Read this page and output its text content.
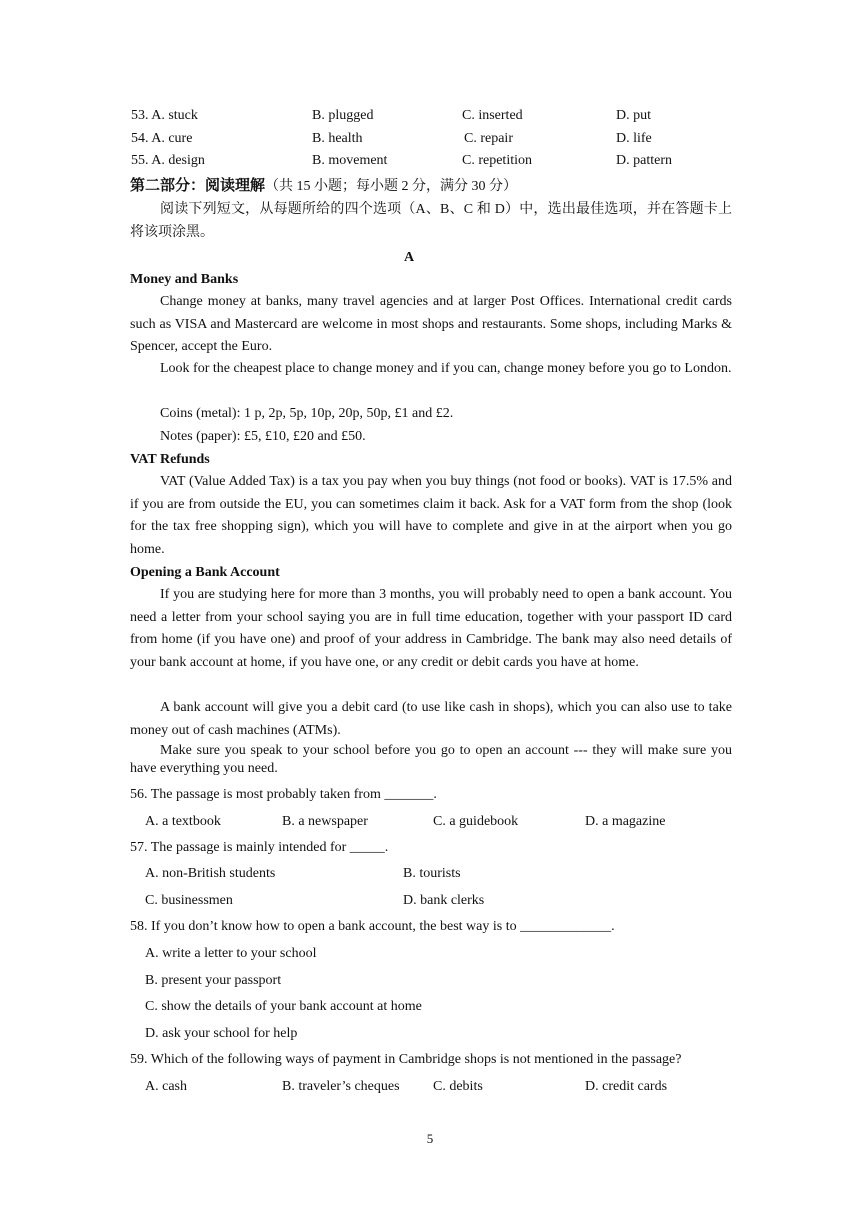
53. A. stuck	B. plugged	C. inserted	D. put
54. A. cure	B. health	C. repair	D. life
55. A. design	B. movement	C. repetition	D. pattern
第二部分：阅读理解（共 15 小题；每小题 2 分，满分 30 分）

阅读下列短文，从每题所给的四个选项（A、B、C 和 D）中，选出最佳选项，并在答题卡上将该项涂黑。

A
Money and Banks

Change money at banks, many travel agencies and at larger Post Offices. International credit cards such as VISA and Mastercard are welcome in most shops and restaurants. Some shops, including Marks & Spencer, accept the Euro.

Look for the cheapest place to change money and if you can, change money before you go to London.

Coins (metal): 1 p, 2p, 5p, 10p, 20p, 50p, £1 and £2.

Notes (paper): £5, £10, £20 and £50.

VAT Refunds

VAT (Value Added Tax) is a tax you pay when you buy things (not food or books). VAT is 17.5% and if you are from outside the EU, you can sometimes claim it back. Ask for a VAT form from the shop (look for the tax free shopping sign), which you will have to complete and give in at the airport when you go home.

Opening a Bank Account

If you are studying here for more than 3 months, you will probably need to open a bank account. You need a letter from your school saying you are in full time education, together with your passport ID card from home (if you have one) and proof of your address in Cambridge. The bank may also need details of your bank account at home, if you have one, or any credit or debit cards you have at home.

A bank account will give you a debit card (to use like cash in shops), which you can also use to take money out of cash machines (ATMs).

Make sure you speak to your school before you go to open an account --- they will make sure you have everything you need.

56. The passage is most probably taken from _______.
A. a textbook	B. a newspaper	C. a guidebook	D. a magazine
57. The passage is mainly intended for _____.
A. non-British students	B. tourists
C. businessmen	D. bank clerks
58. If you don’t know how to open a bank account, the best way is to _____________.
A. write a letter to your school
B. present your passport
C. show the details of your bank account at home
D. ask your school for help
59. Which of the following ways of payment in Cambridge shops is not mentioned in the passage?
A. cash	B. traveler’s cheques C. debits	D. credit cards
5
